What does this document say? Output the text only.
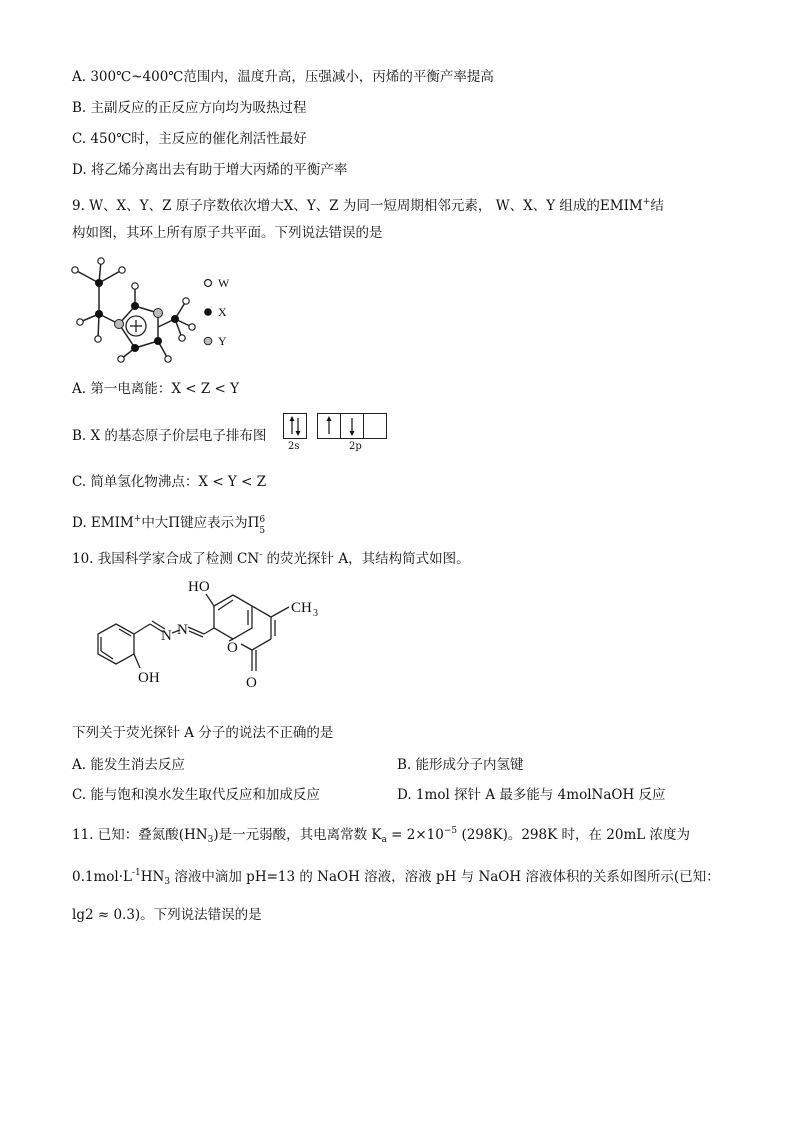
A. 300℃~400℃范围内，温度升高，压强减小，丙烯的平衡产率提高
B. 主副反应的正反应方向均为吸热过程
C. 450℃时，主反应的催化剂活性最好
D. 将乙烯分离出去有助于增大丙烯的平衡产率
9. W、X、Y、Z 原子序数依次增大X、Y、Z 为同一短周期相邻元素， W、X、Y 组成的EMIM+结
构如图，其环上所有原子共平面。下列说法错误的是
W
X
Y
A. 第一电离能：X < Z < Y
B. X 的基态原子价层电子排布图
2s	2p
C. 简单氢化物沸点：X < Y < Z
D. EMIM+中大Π键应表示为Π 6
5
10. 我国科学家合成了检测 CN- 的荧光探针 A，其结构简式如图。
HO
N N
CH 3
O
O
OH
下列关于荧光探针 A 分子的说法不正确的是
A. 能发生消去反应	B. 能形成分子内氢键
C. 能与饱和溴水发生取代反应和加成反应	D. 1mol 探针 A 最多能与 4molNaOH 反应
11. 已知：叠氮酸$(HN_3)$是一元弱酸，其电离常数 $K_a = 2\times 10^{-5}$ (298K)。298K 时，在 20mL 浓度为
$0.1mol\cdot L^{-1}HN_3$ 溶液中滴加 pH=13 的 NaOH 溶液，溶液 pH 与 NaOH 溶液体积的关系如图所示(已知：
lg2 ≈ 0.3)。下列说法错误的是
